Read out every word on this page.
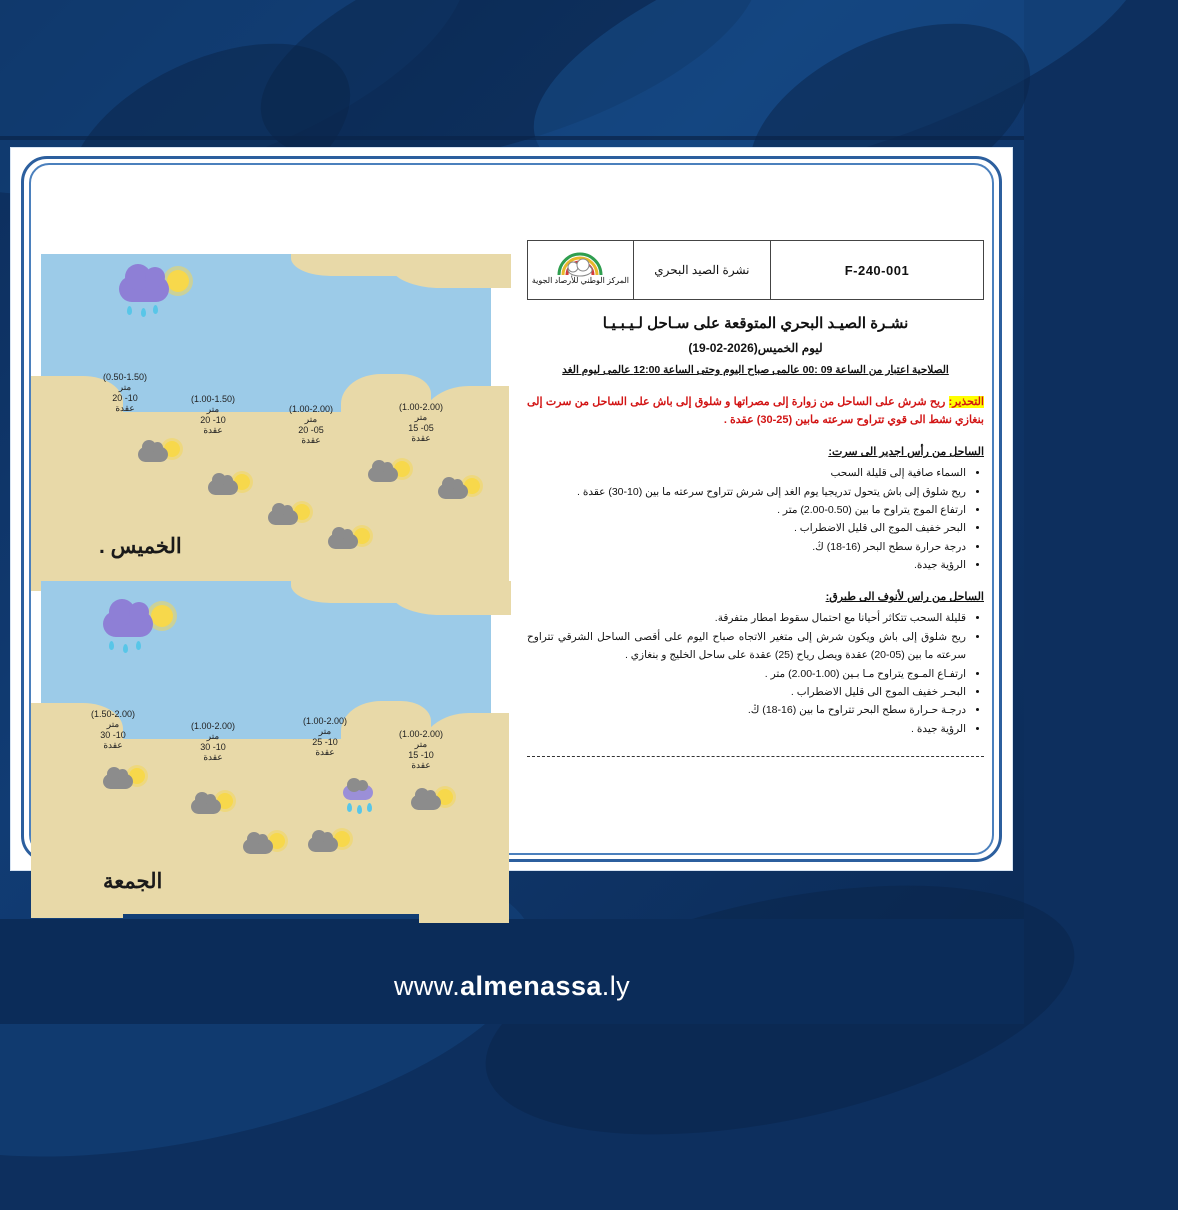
(0.50-1.50)
متر
10- 20
عقدة
(1.00-1.50)
متر
10- 20
عقدة
(1.00-2.00)
متر
05- 20
عقدة
(1.00-2.00)
متر
05- 15
عقدة
الخميس .
(1.50-2.00)
متر
10- 30
عقدة
(1.00-2.00)
متر
10- 30
عقدة
(1.00-2.00)
متر
10- 25
عقدة
(1.00-2.00)
متر
10- 15
عقدة
الجمعة
F-240-001	نشرة الصيد البحري	
المركز الوطني للأرصاد الجوية
نشـرة الصيـد البحري المتوقعة على سـاحل لـيـبـيـا
ليوم الخميس(2026-02-19)
الصلاحية اعتبار من الساعة 09 :00 عالمى صباح اليوم وحتى الساعة 12:00 عالمى ليوم الغد
التحذير: ريح شرش على الساحل من زوارة إلى مصراتها و شلوق إلى باش على الساحل من سرت إلى بنغازي نشط الى قوي تتراوح سرعته مابين (25-30) عقدة .
الساحل من رأس اجدير الى سرت:
• السماء صافية إلى قليلة السحب
• ريح شلوق إلى باش يتحول تدريجيا يوم الغد إلى شرش تتراوح سرعته ما بين (10-30) عقدة .
• ارتفاع الموج يتراوح ما بين (0.50-2.00) متر .
• البحر خفيف الموج الى قليل الاضطراب .
• درجة حرارة سطح البحر (16-18) ﯓ.
• الرؤية جيدة.
الساحل من راس لأنوف الى طبرق:
• قليلة السحب تتكاثر أحيانا مع احتمال سقوط امطار متفرقة.
• ريح شلوق إلى باش ويكون شرش إلى متغير الاتجاه صباح اليوم على أقصى الساحل الشرقي تتراوح سرعته ما بين (05-20) عقدة ويصل رياح (25) عقدة على ساحل الخليج و بنغازي .
• ارتفـاع المـوج يتراوح مـا بـين (1.00-2.00) متر .
• البحـر خفيف الموج الى قليل الاضطراب .
• درجـة حـرارة سطح البحر تتراوح ما بين (16-18) ﯓ.
• الرؤية جيدة .
www.almenassa.ly
